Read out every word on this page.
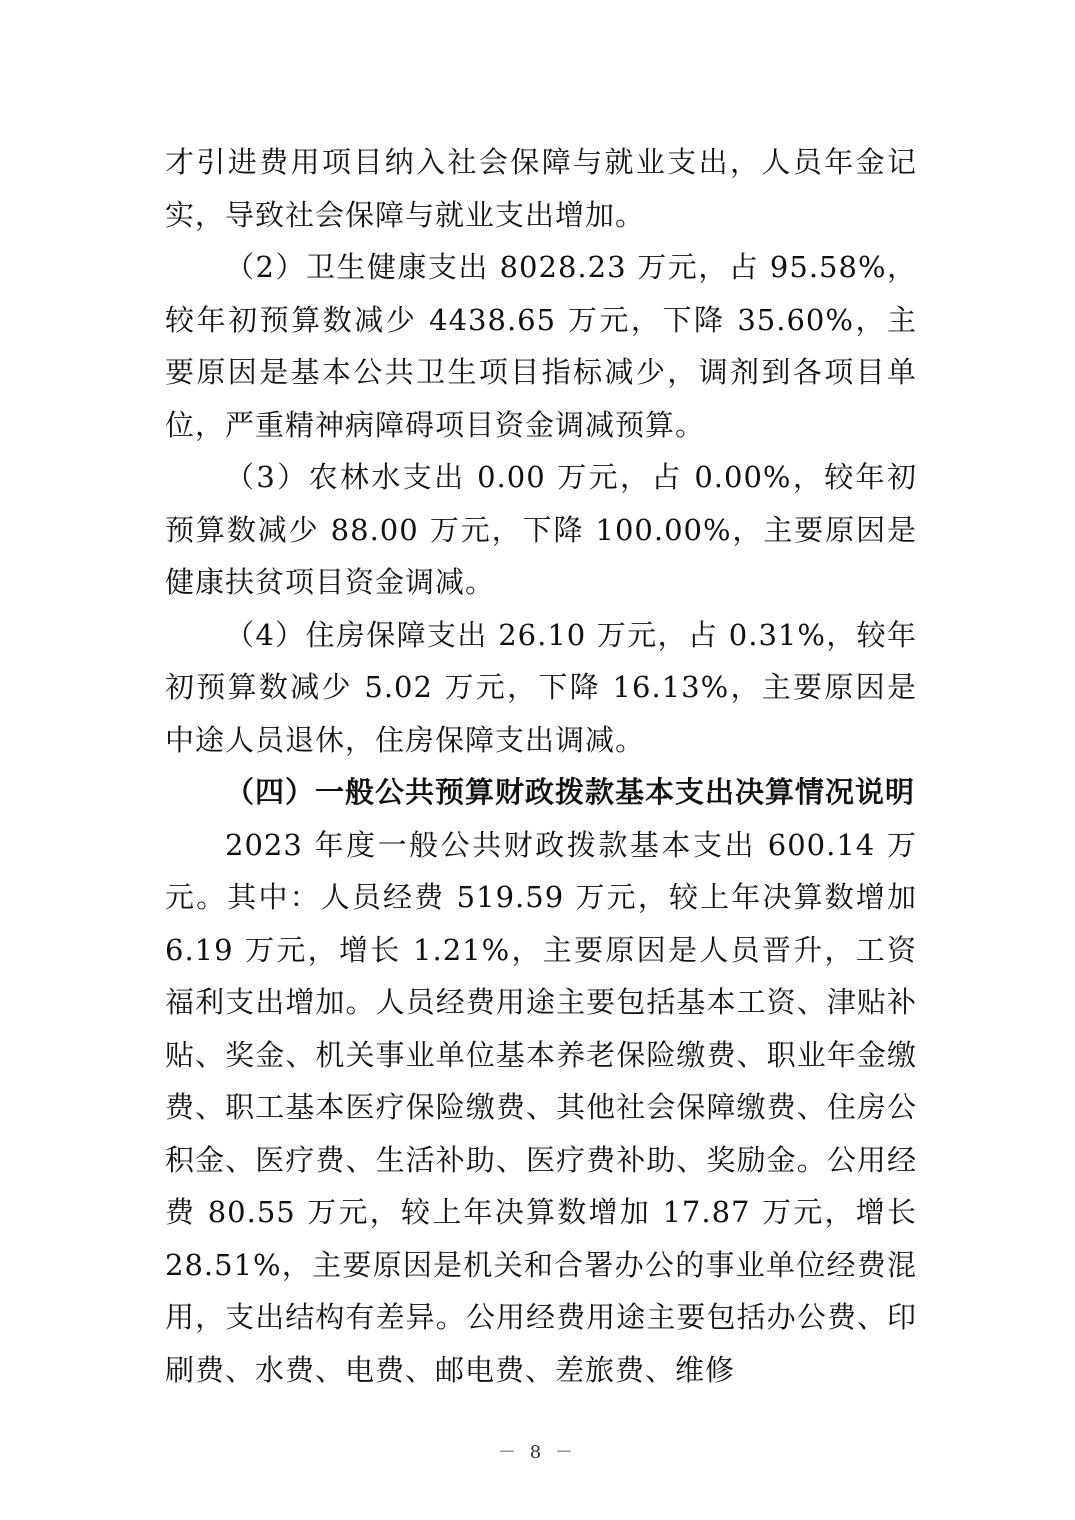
才引进费用项目纳入社会保障与就业支出，人员年金记实，导致社会保障与就业支出增加。

（2）卫生健康支出 8028.23 万元，占 95.58%，较年初预算数减少 4438.65 万元，下降 35.60%，主要原因是基本公共卫生项目指标减少，调剂到各项目单位，严重精神病障碍项目资金调减预算。

（3）农林水支出 0.00 万元，占 0.00%，较年初预算数减少 88.00 万元，下降 100.00%，主要原因是健康扶贫项目资金调减。

（4）住房保障支出 26.10 万元，占 0.31%，较年初预算数减少 5.02 万元，下降 16.13%，主要原因是中途人员退休，住房保障支出调减。

（四）一般公共预算财政拨款基本支出决算情况说明

2023 年度一般公共财政拨款基本支出 600.14 万元。其中：人员经费 519.59 万元，较上年决算数增加 6.19 万元，增长 1.21%，主要原因是人员晋升，工资福利支出增加。人员经费用途主要包括基本工资、津贴补贴、奖金、机关事业单位基本养老保险缴费、职业年金缴费、职工基本医疗保险缴费、其他社会保障缴费、住房公积金、医疗费、生活补助、医疗费补助、奖励金。公用经费 80.55 万元，较上年决算数增加 17.87 万元，增长 28.51%，主要原因是机关和合署办公的事业单位经费混用，支出结构有差异。公用经费用途主要包括办公费、印刷费、水费、电费、邮电费、差旅费、维修

－ 8 －
